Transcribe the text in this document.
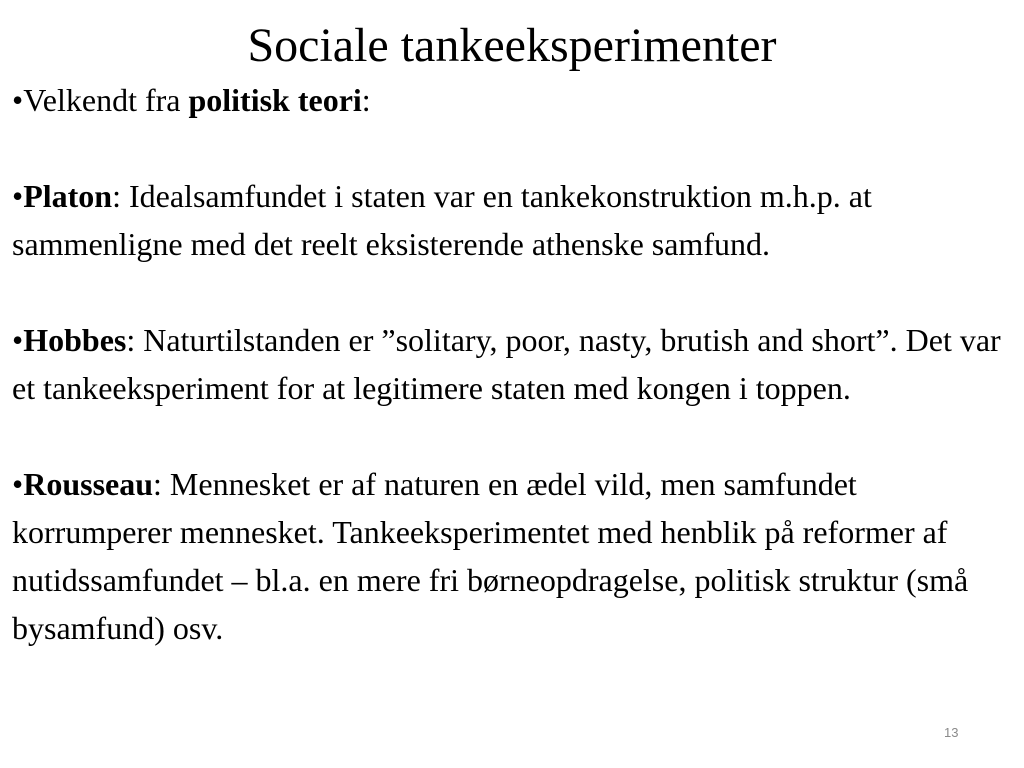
Sociale tankeeksperimenter

•Velkendt fra politisk teori:

•Platon: Idealsamfundet i staten var en tankekonstruktion m.h.p. at sammenligne med det reelt eksisterende athenske samfund.

•Hobbes: Naturtilstanden er ”solitary, poor, nasty, brutish and short”. Det var et tankeeksperiment for at legitimere staten med kongen i toppen.

•Rousseau: Mennesket er af naturen en ædel vild, men samfundet korrumperer mennesket. Tankeeksperimentet med henblik på reformer af nutidssamfundet – bl.a. en mere fri børneopdragelse, politisk struktur (små bysamfund) osv.

13
